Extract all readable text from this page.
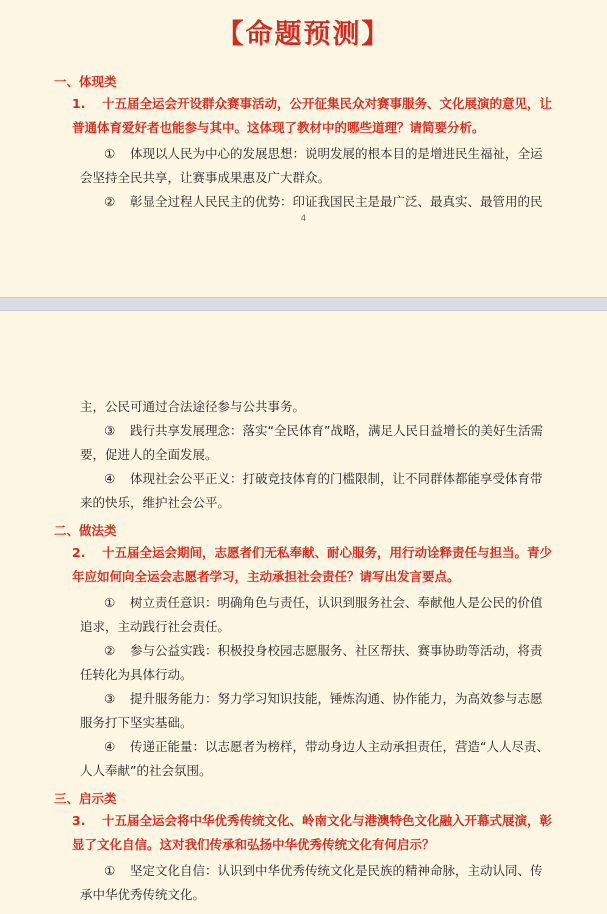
【命题预测】

一、体现类

1. 十五届全运会开设群众赛事活动，公开征集民众对赛事服务、文化展演的意见，让普通体育爱好者也能参与其中。这体现了教材中的哪些道理？请简要分析。

① 体现以人民为中心的发展思想：说明发展的根本目的是增进民生福祉，全运会坚持全民共享，让赛事成果惠及广大群众。

② 彰显全过程人民民主的优势：印证我国民主是最广泛、最真实、最管用的民

4

主，公民可通过合法途径参与公共事务。

③ 践行共享发展理念：落实“全民体育”战略，满足人民日益增长的美好生活需要，促进人的全面发展。

④ 体现社会公平正义：打破竞技体育的门槛限制，让不同群体都能享受体育带来的快乐，维护社会公平。

二、做法类

2. 十五届全运会期间，志愿者们无私奉献、耐心服务，用行动诠释责任与担当。青少年应如何向全运会志愿者学习，主动承担社会责任？请写出发言要点。

① 树立责任意识：明确角色与责任，认识到服务社会、奉献他人是公民的价值追求，主动践行社会责任。

② 参与公益实践：积极投身校园志愿服务、社区帮扶、赛事协助等活动，将责任转化为具体行动。

③ 提升服务能力：努力学习知识技能，锤炼沟通、协作能力，为高效参与志愿服务打下坚实基础。

④ 传递正能量：以志愿者为榜样，带动身边人主动承担责任，营造“人人尽责、人人奉献”的社会氛围。

三、启示类

3. 十五届全运会将中华优秀传统文化、岭南文化与港澳特色文化融入开幕式展演，彰显了文化自信。这对我们传承和弘扬中华优秀传统文化有何启示？

① 坚定文化自信：认识到中华优秀传统文化是民族的精神命脉，主动认同、传承中华优秀传统文化。
